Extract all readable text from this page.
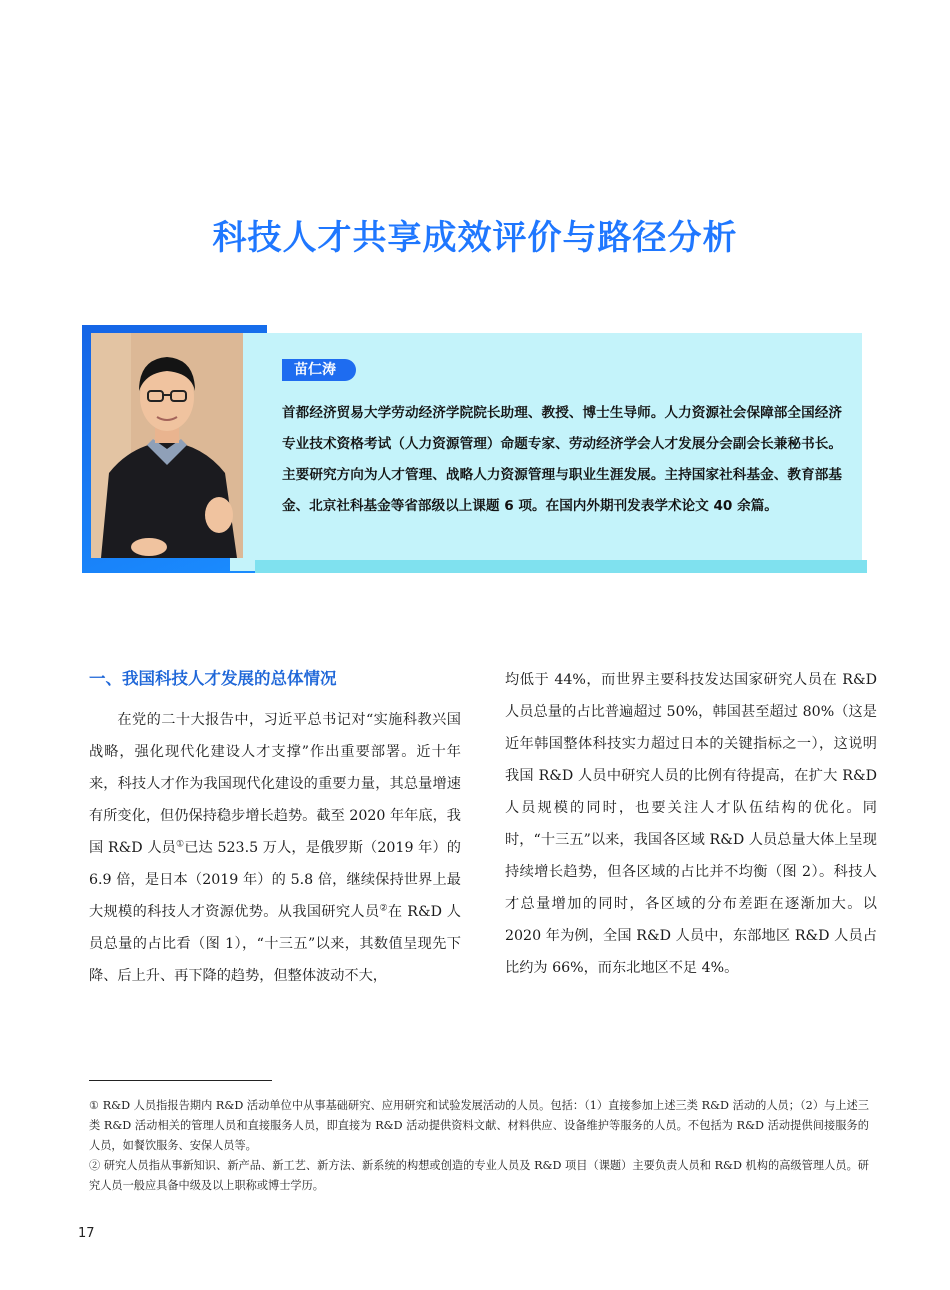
科技人才共享成效评价与路径分析
苗仁涛
首都经济贸易大学劳动经济学院院长助理、教授、博士生导师。人力资源社会保障部全国经济专业技术资格考试（人力资源管理）命题专家、劳动经济学会人才发展分会副会长兼秘书长。主要研究方向为人才管理、战略人力资源管理与职业生涯发展。主持国家社科基金、教育部基金、北京社科基金等省部级以上课题 6 项。在国内外期刊发表学术论文 40 余篇。
一、我国科技人才发展的总体情况

在党的二十大报告中，习近平总书记对“实施科教兴国战略，强化现代化建设人才支撑”作出重要部署。近十年来，科技人才作为我国现代化建设的重要力量，其总量增速有所变化，但仍保持稳步增长趋势。截至 2020 年年底，我国 R&D 人员①已达 523.5 万人，是俄罗斯（2019 年）的 6.9 倍，是日本（2019 年）的 5.8 倍，继续保持世界上最大规模的科技人才资源优势。从我国研究人员②在 R&D 人员总量的占比看（图 1），“十三五”以来，其数值呈现先下降、后上升、再下降的趋势，但整体波动不大，

均低于 44%，而世界主要科技发达国家研究人员在 R&D 人员总量的占比普遍超过 50%，韩国甚至超过 80%（这是近年韩国整体科技实力超过日本的关键指标之一），这说明我国 R&D 人员中研究人员的比例有待提高，在扩大 R&D 人员规模的同时，也要关注人才队伍结构的优化。同时，“十三五”以来，我国各区域 R&D 人员总量大体上呈现持续增长趋势，但各区域的占比并不均衡（图 2）。科技人才总量增加的同时，各区域的分布差距在逐渐加大。以 2020 年为例，全国 R&D 人员中，东部地区 R&D 人员占比约为 66%，而东北地区不足 4%。

① R&D 人员指报告期内 R&D 活动单位中从事基础研究、应用研究和试验发展活动的人员。包括：（1）直接参加上述三类 R&D 活动的人员；（2）与上述三类 R&D 活动相关的管理人员和直接服务人员，即直接为 R&D 活动提供资料文献、材料供应、设备维护等服务的人员。不包括为 R&D 活动提供间接服务的人员，如餐饮服务、安保人员等。

② 研究人员指从事新知识、新产品、新工艺、新方法、新系统的构想或创造的专业人员及 R&D 项目（课题）主要负责人员和 R&D 机构的高级管理人员。研究人员一般应具备中级及以上职称或博士学历。

17
